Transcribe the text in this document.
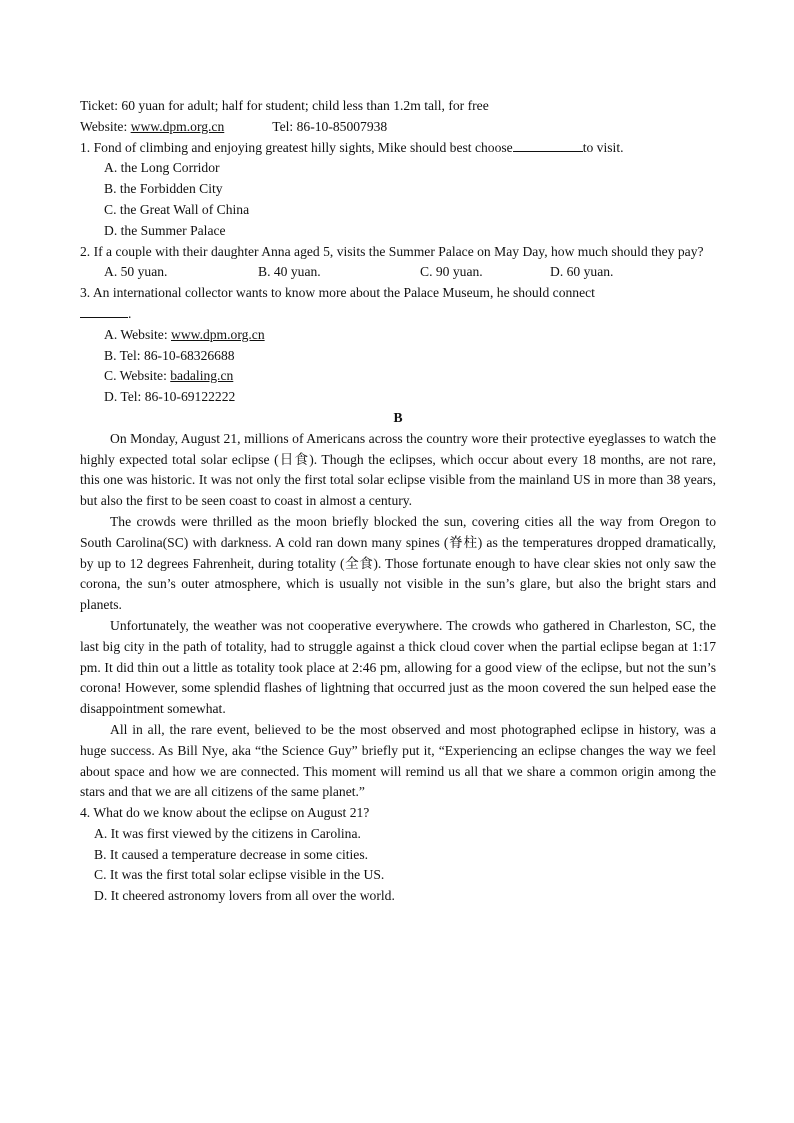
Ticket: 60 yuan for adult; half for student; child less than 1.2m tall, for free
Website: www.dpm.org.cn	Tel: 86-10-85007938
1. Fond of climbing and enjoying greatest hilly sights, Mike should best choose	to visit.
A. the Long Corridor
B. the Forbidden City
C. the Great Wall of China
D. the Summer Palace
2. If a couple with their daughter Anna aged 5, visits the Summer Palace on May Day, how much should they pay?
A. 50 yuan.	B. 40 yuan.	C. 90 yuan.	D. 60 yuan.
3. An international collector wants to know more about the Palace Museum, he should connect
.
A. Website: www.dpm.org.cn
B. Tel: 86-10-68326688
C. Website: badaling.cn
D. Tel: 86-10-69122222
B
On Monday, August 21, millions of Americans across the country wore their protective eyeglasses to watch the highly expected total solar eclipse (日食). Though the eclipses, which occur about every 18 months, are not rare, this one was historic. It was not only the first total solar eclipse visible from the mainland US in more than 38 years, but also the first to be seen coast to coast in almost a century.
The crowds were thrilled as the moon briefly blocked the sun, covering cities all the way from Oregon to South Carolina(SC) with darkness. A cold ran down many spines (脊柱) as the temperatures dropped dramatically, by up to 12 degrees Fahrenheit, during totality (全食). Those fortunate enough to have clear skies not only saw the corona, the sun’s outer atmosphere, which is usually not visible in the sun’s glare, but also the bright stars and planets.
Unfortunately, the weather was not cooperative everywhere. The crowds who gathered in Charleston, SC, the last big city in the path of totality, had to struggle against a thick cloud cover when the partial eclipse began at 1:17 pm. It did thin out a little as totality took place at 2:46 pm, allowing for a good view of the eclipse, but not the sun’s corona! However, some splendid flashes of lightning that occurred just as the moon covered the sun helped ease the disappointment somewhat.
All in all, the rare event, believed to be the most observed and most photographed eclipse in history, was a huge success. As Bill Nye, aka “the Science Guy” briefly put it, “Experiencing an eclipse changes the way we feel about space and how we are connected. This moment will remind us all that we share a common origin among the stars and that we are all citizens of the same planet.”
4. What do we know about the eclipse on August 21?
A. It was first viewed by the citizens in Carolina.
B. It caused a temperature decrease in some cities.
C. It was the first total solar eclipse visible in the US.
D. It cheered astronomy lovers from all over the world.
